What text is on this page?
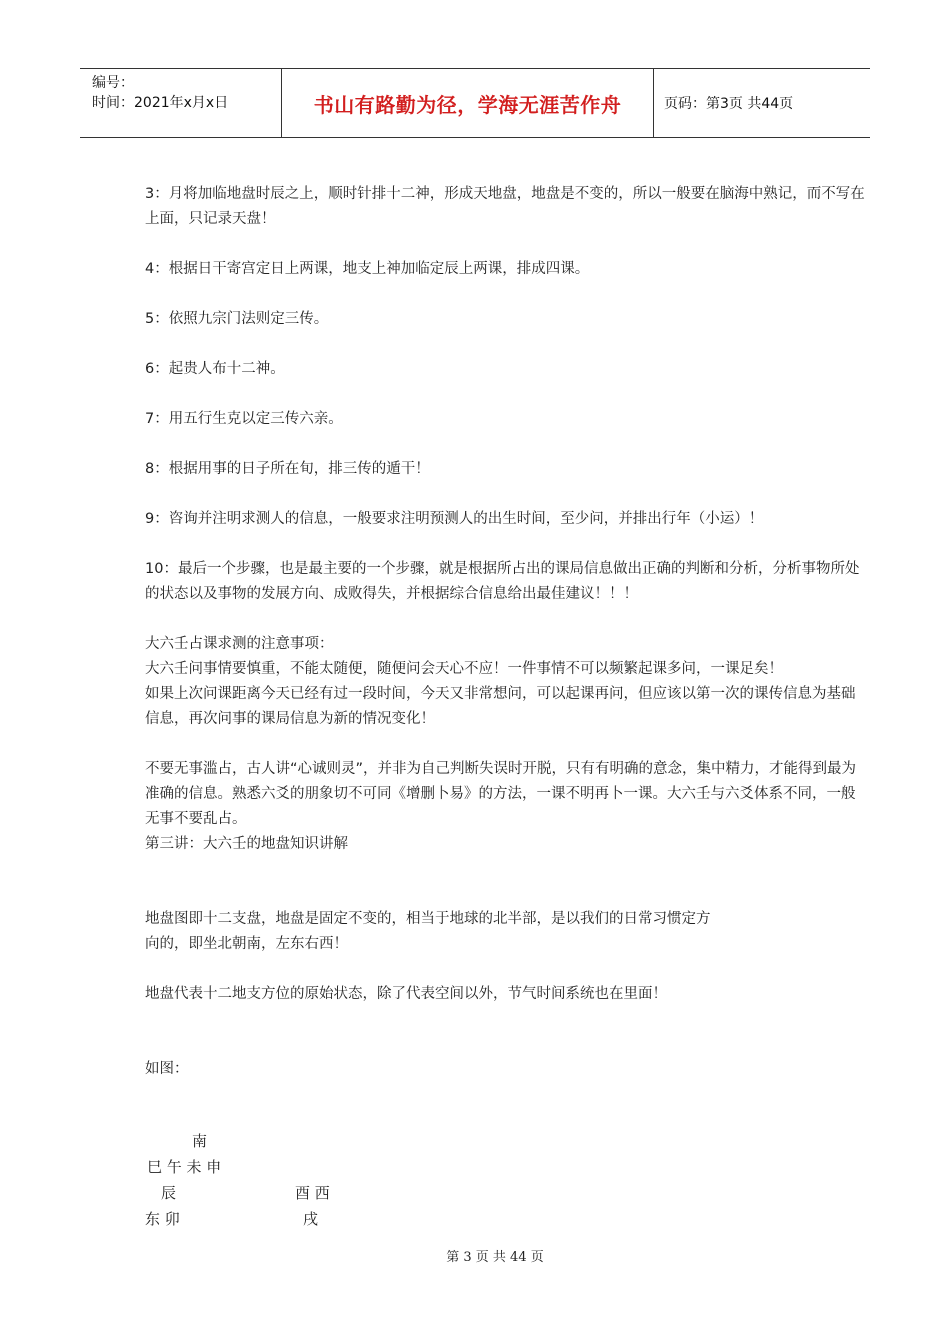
编号：
时间：2021年x月x日	书山有路勤为径，学海无涯苦作舟	页码：第3页 共44页

3：月将加临地盘时辰之上，顺时针排十二神，形成天地盘，地盘是不变的，所以一般要在脑海中熟记，而不写在上面，只记录天盘！

4：根据日干寄宫定日上两课，地支上神加临定辰上两课，排成四课。

5：依照九宗门法则定三传。

6：起贵人布十二神。

7：用五行生克以定三传六亲。

8：根据用事的日子所在旬，排三传的遁干！

9：咨询并注明求测人的信息，一般要求注明预测人的出生时间，至少问，并排出行年（小运）！

10：最后一个步骤，也是最主要的一个步骤，就是根据所占出的课局信息做出正确的判断和分析，分析事物所处的状态以及事物的发展方向、成败得失，并根据综合信息给出最佳建议！！！

大六壬占课求测的注意事项：

大六壬问事情要慎重，不能太随便，随便问会天心不应！一件事情不可以频繁起课多问，一课足矣！

如果上次问课距离今天已经有过一段时间，今天又非常想问，可以起课再问，但应该以第一次的课传信息为基础信息，再次问事的课局信息为新的情况变化！

不要无事滥占，古人讲“心诚则灵”，并非为自己判断失误时开脱，只有有明确的意念，集中精力，才能得到最为准确的信息。熟悉六爻的朋象切不可同《增删卜易》的方法，一课不明再卜一课。大六壬与六爻体系不同，一般无事不要乱占。

第三讲：大六壬的地盘知识讲解

地盘图即十二支盘，地盘是固定不变的，相当于地球的北半部，是以我们的日常习惯定方

向的，即坐北朝南，左东右西！

地盘代表十二地支方位的原始状态，除了代表空间以外，节气时间系统也在里面！

如图：

南
巳 午 未 申
辰	酉 西
东 卯	戌
第 3 页 共 44 页
